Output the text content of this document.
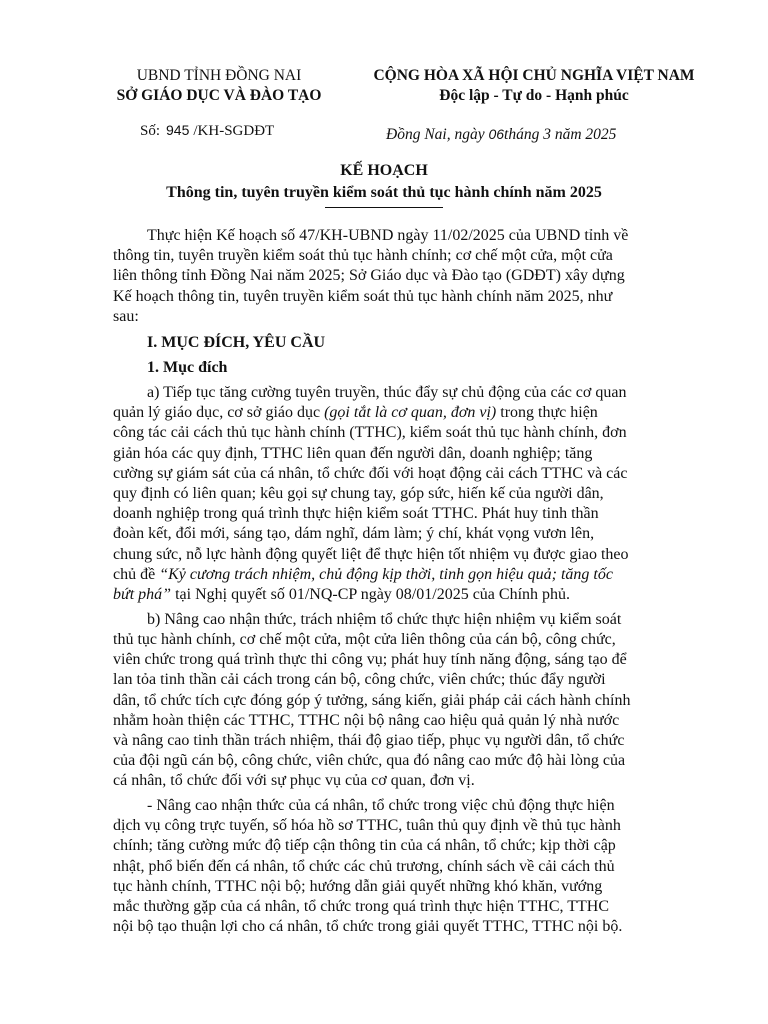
UBND TỈNH ĐỒNG NAI
SỞ GIÁO DỤC VÀ ĐÀO TẠO
CỘNG HÒA XÃ HỘI CHỦ NGHĨA VIỆT NAM
Độc lập - Tự do - Hạnh phúc
Số: 945 /KH-SGDĐT	Đồng Nai, ngày 06tháng 3 năm 2025
KẾ HOẠCH
Thông tin, tuyên truyền kiểm soát thủ tục hành chính năm 2025

Thực hiện Kế hoạch số 47/KH-UBND ngày 11/02/2025 của UBND tỉnh về
thông tin, tuyên truyền kiểm soát thủ tục hành chính; cơ chế một cửa, một cửa
liên thông tỉnh Đồng Nai năm 2025; Sở Giáo dục và Đào tạo (GDĐT) xây dựng
Kế hoạch thông tin, tuyên truyền kiểm soát thủ tục hành chính năm 2025, như
sau:

I. MỤC ĐÍCH, YÊU CẦU
1. Mục đích

a) Tiếp tục tăng cường tuyên truyền, thúc đẩy sự chủ động của các cơ quan
quản lý giáo dục, cơ sở giáo dục (gọi tắt là cơ quan, đơn vị) trong thực hiện
công tác cải cách thủ tục hành chính (TTHC), kiểm soát thủ tục hành chính, đơn
giản hóa các quy định, TTHC liên quan đến người dân, doanh nghiệp; tăng
cường sự giám sát của cá nhân, tổ chức đối với hoạt động cải cách TTHC và các
quy định có liên quan; kêu gọi sự chung tay, góp sức, hiến kế của người dân,
doanh nghiệp trong quá trình thực hiện kiểm soát TTHC. Phát huy tinh thần
đoàn kết, đổi mới, sáng tạo, dám nghĩ, dám làm; ý chí, khát vọng vươn lên,
chung sức, nỗ lực hành động quyết liệt để thực hiện tốt nhiệm vụ được giao theo
chủ đề “Kỷ cương trách nhiệm, chủ động kịp thời, tinh gọn hiệu quả; tăng tốc
bứt phá” tại Nghị quyết số 01/NQ-CP ngày 08/01/2025 của Chính phủ.

b) Nâng cao nhận thức, trách nhiệm tổ chức thực hiện nhiệm vụ kiểm soát
thủ tục hành chính, cơ chế một cửa, một cửa liên thông của cán bộ, công chức,
viên chức trong quá trình thực thi công vụ; phát huy tính năng động, sáng tạo để
lan tỏa tinh thần cải cách trong cán bộ, công chức, viên chức; thúc đẩy người
dân, tổ chức tích cực đóng góp ý tưởng, sáng kiến, giải pháp cải cách hành chính
nhằm hoàn thiện các TTHC, TTHC nội bộ nâng cao hiệu quả quản lý nhà nước
và nâng cao tinh thần trách nhiệm, thái độ giao tiếp, phục vụ người dân, tổ chức
của đội ngũ cán bộ, công chức, viên chức, qua đó nâng cao mức độ hài lòng của
cá nhân, tổ chức đối với sự phục vụ của cơ quan, đơn vị.

- Nâng cao nhận thức của cá nhân, tổ chức trong việc chủ động thực hiện
dịch vụ công trực tuyến, số hóa hồ sơ TTHC, tuân thủ quy định về thủ tục hành
chính; tăng cường mức độ tiếp cận thông tin của cá nhân, tổ chức; kịp thời cập
nhật, phổ biến đến cá nhân, tổ chức các chủ trương, chính sách về cải cách thủ
tục hành chính, TTHC nội bộ; hướng dẫn giải quyết những khó khăn, vướng
mắc thường gặp của cá nhân, tổ chức trong quá trình thực hiện TTHC, TTHC
nội bộ tạo thuận lợi cho cá nhân, tổ chức trong giải quyết TTHC, TTHC nội bộ.
